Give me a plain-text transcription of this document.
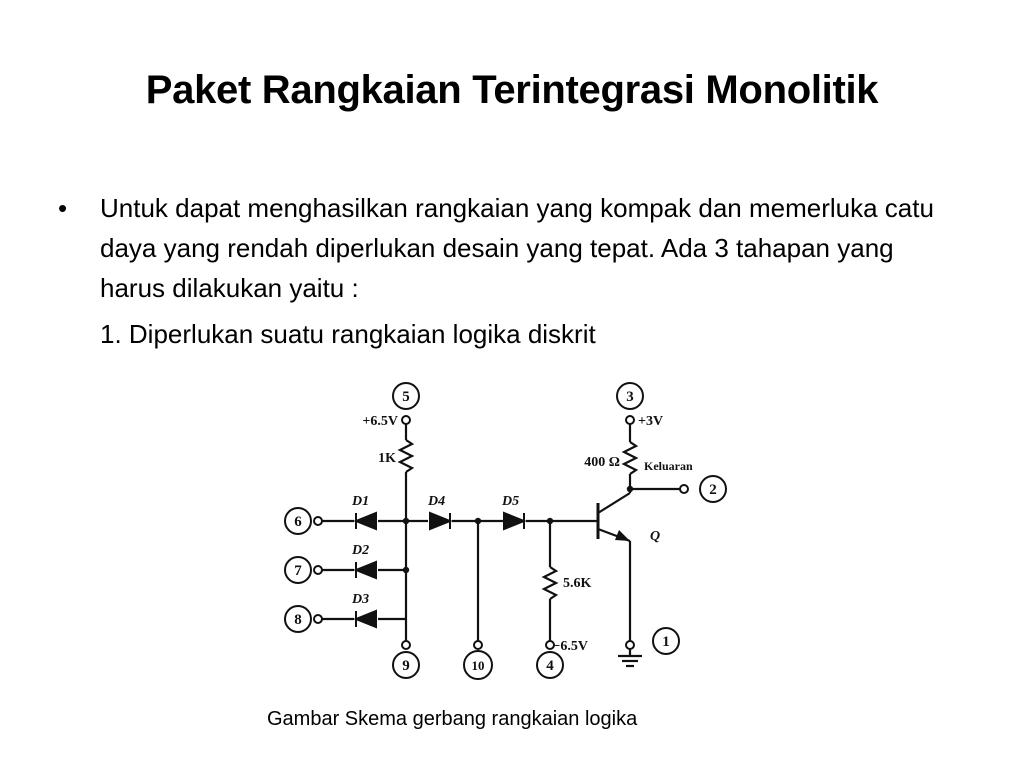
Paket Rangkaian Terintegrasi Monolitik
• Untuk dapat menghasilkan rangkaian yang kompak dan memerluka catu daya yang rendah diperlukan desain yang tepat. Ada 3 tahapan yang harus dilakukan yaitu :
1. Diperlukan suatu rangkaian logika diskrit
5	3
6
7
8
9	10	4
1
2
+6.5V	+3V
−6.5V
1K	400 Ω
5.6K
D1
D2
D3
D4	D5
Q
Keluaran
Gambar Skema gerbang rangkaian logika
